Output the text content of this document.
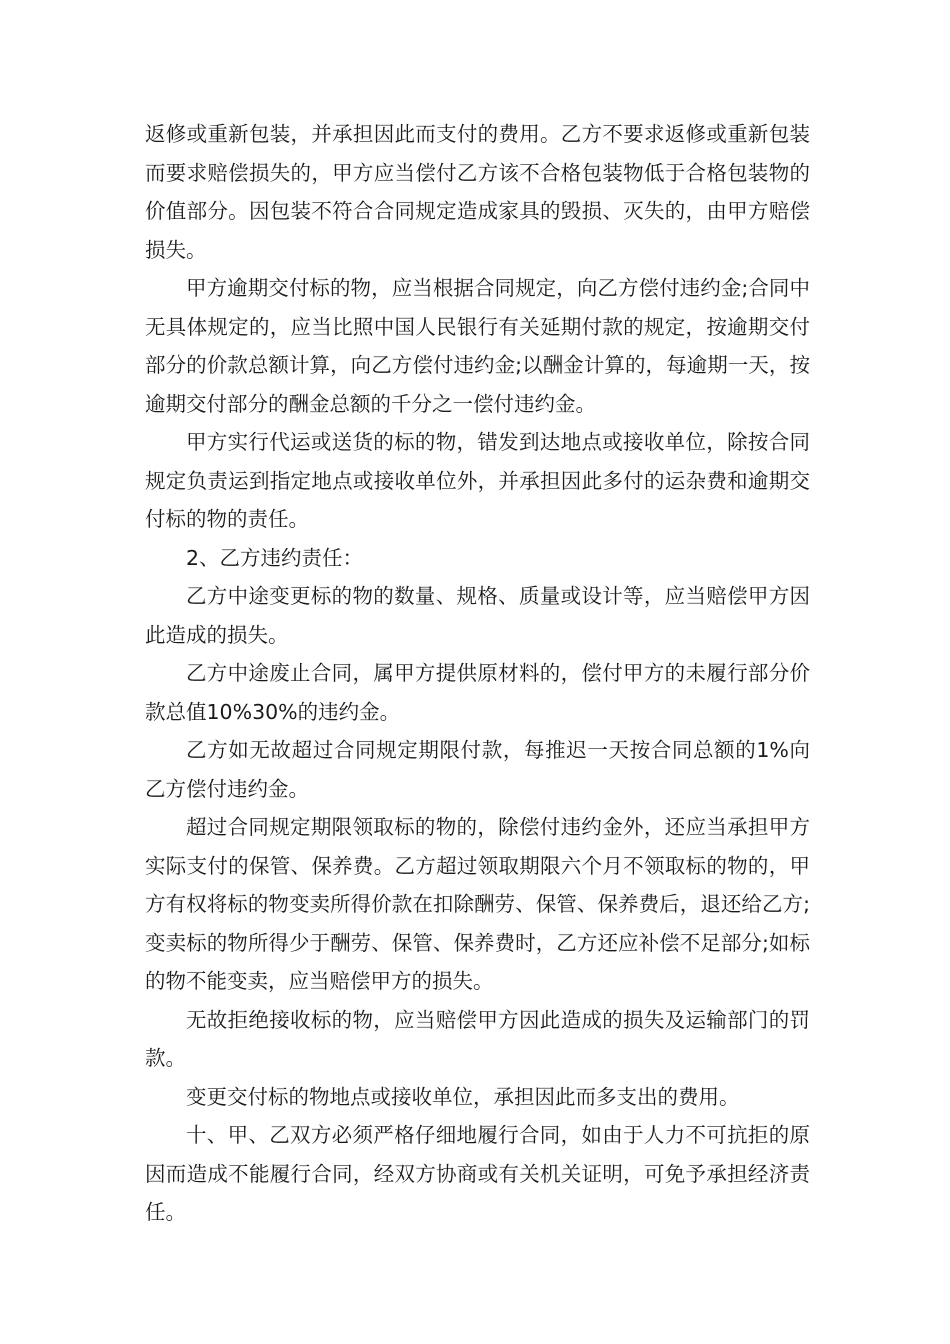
返修或重新包装，并承担因此而支付的费用。乙方不要求返修或重新包装而要求赔偿损失的，甲方应当偿付乙方该不合格包装物低于合格包装物的价值部分。因包装不符合合同规定造成家具的毁损、灭失的，由甲方赔偿损失。

甲方逾期交付标的物，应当根据合同规定，向乙方偿付违约金;合同中无具体规定的，应当比照中国人民银行有关延期付款的规定，按逾期交付部分的价款总额计算，向乙方偿付违约金;以酬金计算的，每逾期一天，按逾期交付部分的酬金总额的千分之一偿付违约金。

甲方实行代运或送货的标的物，错发到达地点或接收单位，除按合同规定负责运到指定地点或接收单位外，并承担因此多付的运杂费和逾期交付标的物的责任。

2、乙方违约责任：

乙方中途变更标的物的数量、规格、质量或设计等，应当赔偿甲方因此造成的损失。

乙方中途废止合同，属甲方提供原材料的，偿付甲方的未履行部分价款总值10%30%的违约金。

乙方如无故超过合同规定期限付款，每推迟一天按合同总额的1%向乙方偿付违约金。

超过合同规定期限领取标的物的，除偿付违约金外，还应当承担甲方实际支付的保管、保养费。乙方超过领取期限六个月不领取标的物的，甲方有权将标的物变卖所得价款在扣除酬劳、保管、保养费后，退还给乙方;变卖标的物所得少于酬劳、保管、保养费时，乙方还应补偿不足部分;如标的物不能变卖，应当赔偿甲方的损失。

无故拒绝接收标的物，应当赔偿甲方因此造成的损失及运输部门的罚款。

变更交付标的物地点或接收单位，承担因此而多支出的费用。

十、甲、乙双方必须严格仔细地履行合同，如由于人力不可抗拒的原因而造成不能履行合同，经双方协商或有关机关证明，可免予承担经济责任。
